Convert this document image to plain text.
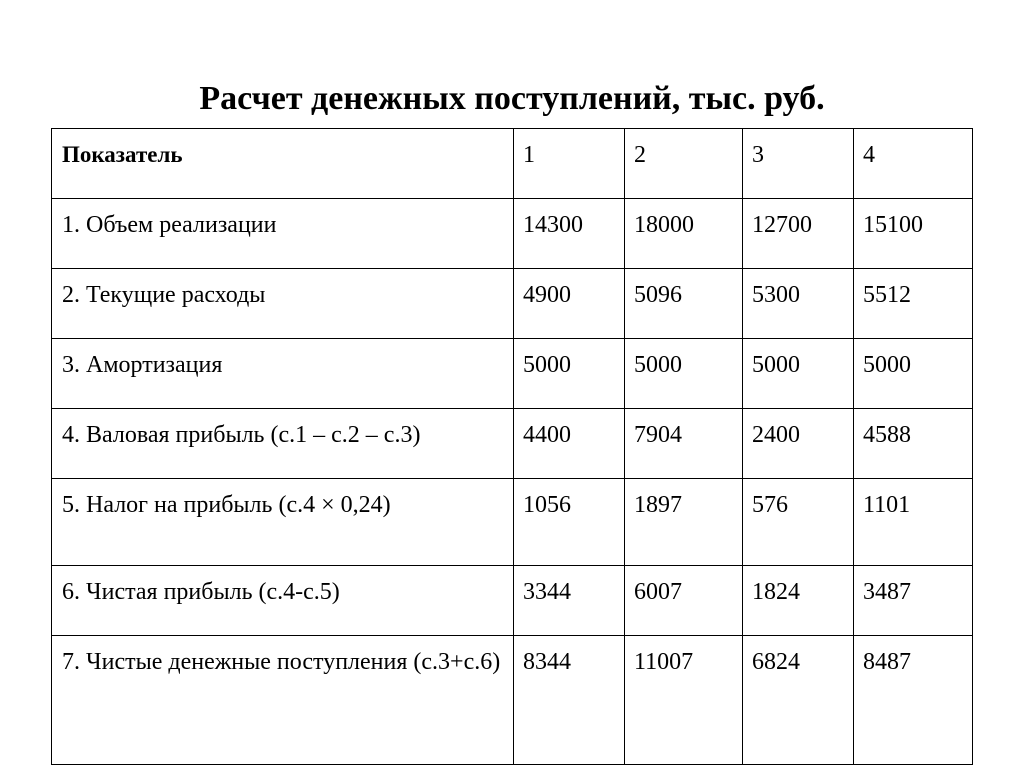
Расчет денежных поступлений, тыс. руб.
Показатель	1	2	3	4
1. Объем реализации	14300	18000	12700	15100
2. Текущие расходы	4900	5096	5300	5512
3. Амортизация	5000	5000	5000	5000
4. Валовая прибыль (с.1 – с.2 – с.3)	4400	7904	2400	4588
5. Налог на прибыль (с.4 × 0,24)	1056	1897	576	1101
6. Чистая прибыль (с.4-с.5)	3344	6007	1824	3487
7. Чистые денежные поступления (с.3+с.6)	8344	11007	6824	8487
